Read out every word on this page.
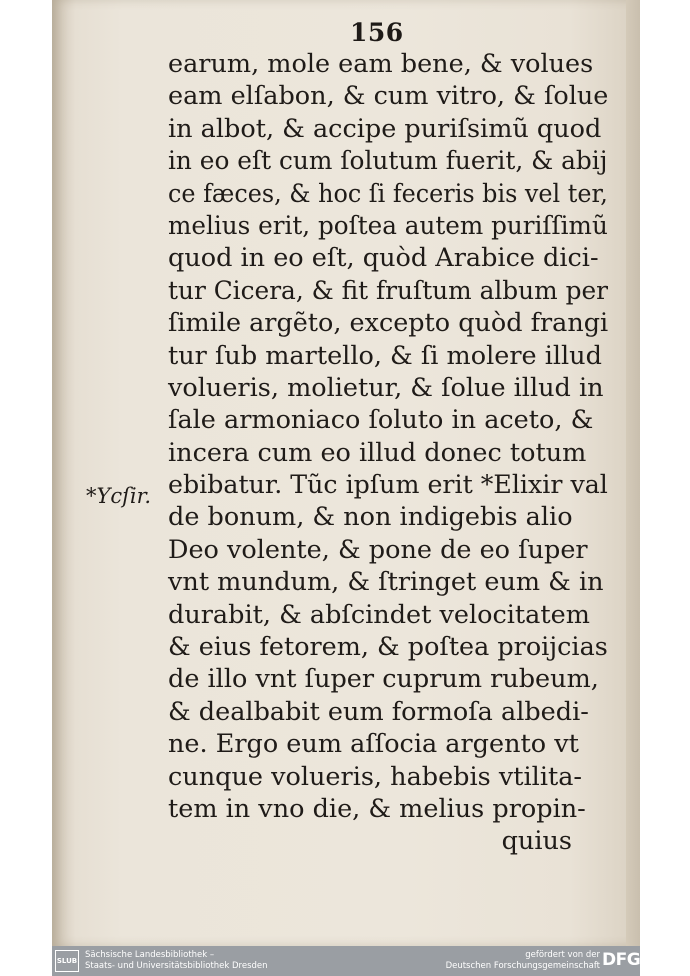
156
earum, mole eam bene, & volues
eam elſabon, & cum vitro, & ſolue
in albot, & accipe puriſsimũ quod
in eo eſt cum ſolutum fuerit, & abij
ce fæces, & hoc ſi feceris bis vel ter,
melius erit, poſtea autem puriſſimũ
quod in eo eſt, quòd Arabice dici-
tur Cicera, & fit fruſtum album per
ſimile argẽto, excepto quòd frangi
tur ſub martello, & ſi molere illud
volueris, molietur, & ſolue illud in
ſale armoniaco ſoluto in aceto, &
incera cum eo illud donec totum
ebibatur. Tũc ipſum erit *Elixir val
de bonum, & non indigebis alio
Deo volente, & pone de eo ſuper
vnt mundum, & ſtringet eum & in
durabit, & abſcindet velocitatem
& eius fetorem, & poſtea proijcias
de illo vnt ſuper cuprum rubeum,
& dealbabit eum formoſa albedi-
ne. Ergo eum aſſocia argento vt
cunque volueris, habebis vtilita-
tem in vno die, & melius propin-
quius
*Ycſir.
SLUB
Sächsische Landesbibliothek –
Staats- und Universitätsbibliothek Dresden
gefördert von der
Deutschen Forschungsgemeinschaft DFG
